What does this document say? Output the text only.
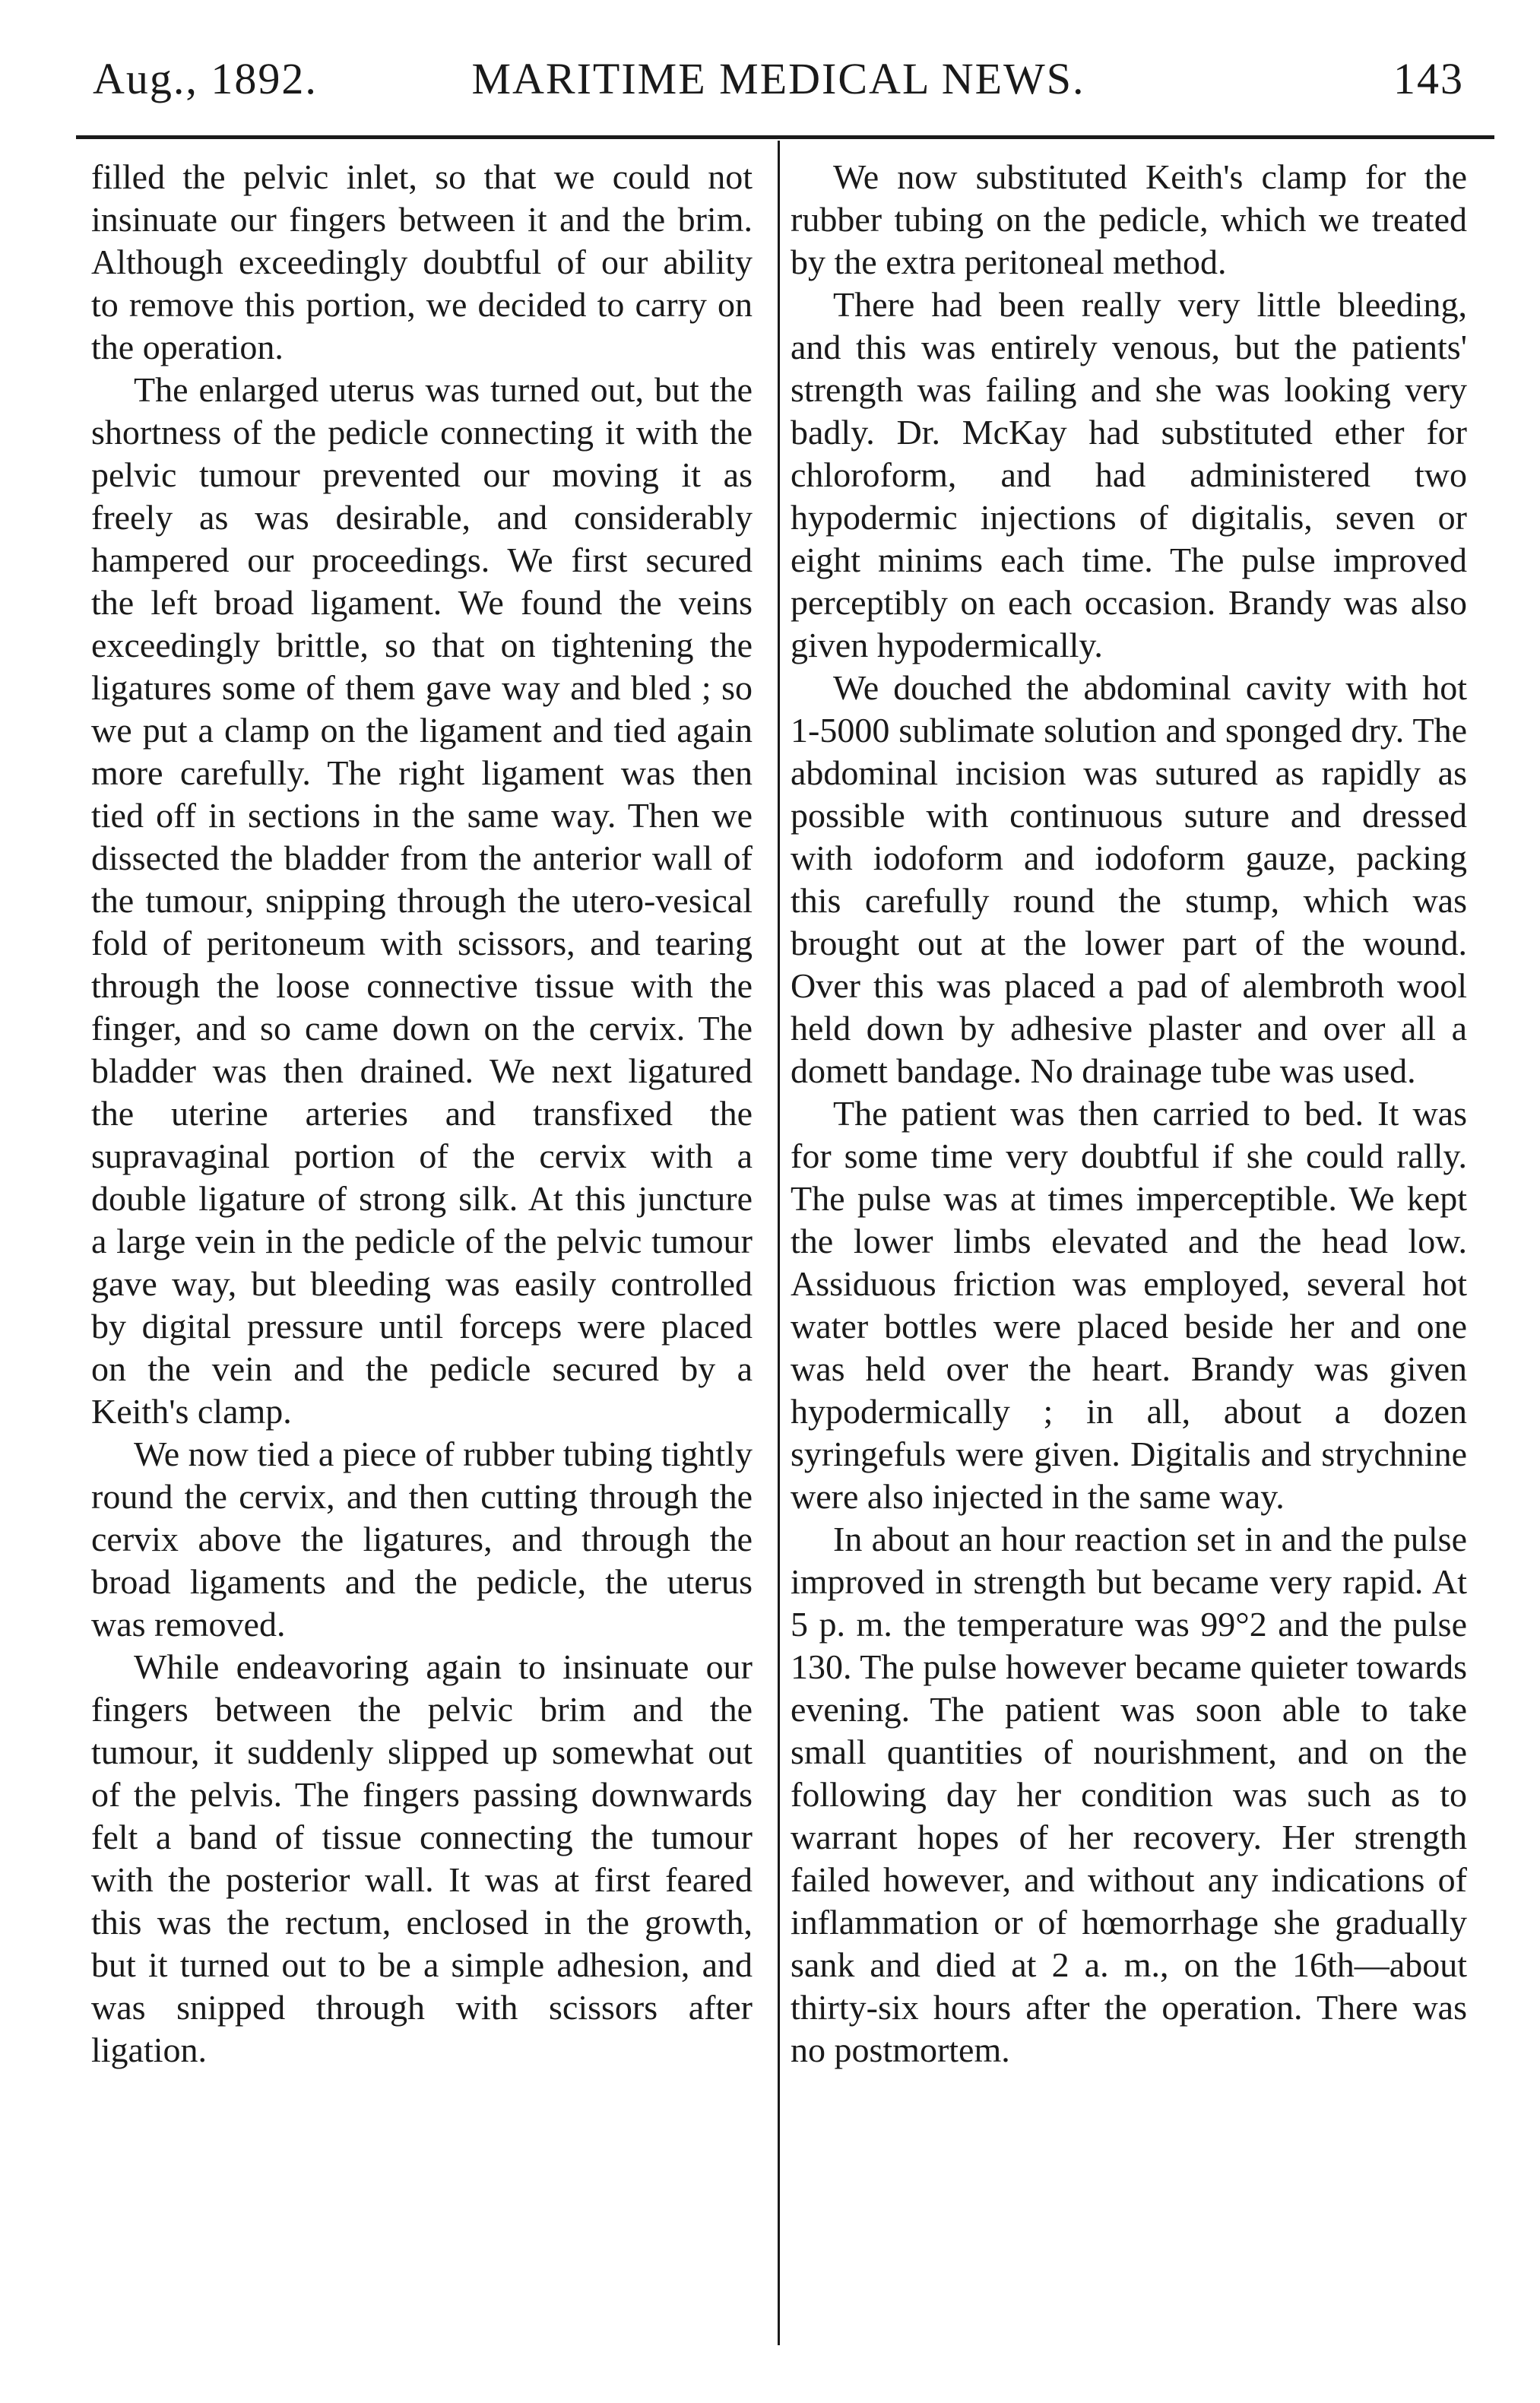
Aug., 1892.	MARITIME MEDICAL NEWS.	143

filled the pelvic inlet, so that we could not insinuate our fingers between it and the brim. Although exceedingly doubtful of our ability to remove this portion, we decided to carry on the operation.

The enlarged uterus was turned out, but the shortness of the pedicle connecting it with the pelvic tumour prevented our moving it as freely as was desirable, and considerably hampered our proceedings. We first secured the left broad ligament. We found the veins exceedingly brittle, so that on tightening the ligatures some of them gave way and bled ; so we put a clamp on the ligament and tied again more carefully. The right ligament was then tied off in sections in the same way. Then we dissected the bladder from the anterior wall of the tumour, snipping through the utero-vesical fold of peritoneum with scissors, and tearing through the loose connective tissue with the finger, and so came down on the cervix. The bladder was then drained. We next ligatured the uterine arteries and transfixed the supravaginal portion of the cervix with a double ligature of strong silk. At this juncture a large vein in the pedicle of the pelvic tumour gave way, but bleeding was easily controlled by digital pressure until forceps were placed on the vein and the pedicle secured by a Keith's clamp.

We now tied a piece of rubber tubing tightly round the cervix, and then cutting through the cervix above the ligatures, and through the broad ligaments and the pedicle, the uterus was removed.

While endeavoring again to insinuate our fingers between the pelvic brim and the tumour, it suddenly slipped up somewhat out of the pelvis. The fingers passing downwards felt a band of tissue connecting the tumour with the posterior wall. It was at first feared this was the rectum, enclosed in the growth, but it turned out to be a simple adhesion, and was snipped through with scissors after ligation.

We now substituted Keith's clamp for the rubber tubing on the pedicle, which we treated by the extra peritoneal method.

There had been really very little bleeding, and this was entirely venous, but the patients' strength was failing and she was looking very badly. Dr. McKay had substituted ether for chloroform, and had administered two hypodermic injections of digitalis, seven or eight minims each time. The pulse improved perceptibly on each occasion. Brandy was also given hypodermically.

We douched the abdominal cavity with hot 1-5000 sublimate solution and sponged dry. The abdominal incision was sutured as rapidly as possible with continuous suture and dressed with iodoform and iodoform gauze, packing this carefully round the stump, which was brought out at the lower part of the wound. Over this was placed a pad of alembroth wool held down by adhesive plaster and over all a domett bandage. No drainage tube was used.

The patient was then carried to bed. It was for some time very doubtful if she could rally. The pulse was at times imperceptible. We kept the lower limbs elevated and the head low. Assiduous friction was employed, several hot water bottles were placed beside her and one was held over the heart. Brandy was given hypodermically ; in all, about a dozen syringefuls were given. Digitalis and strychnine were also injected in the same way.

In about an hour reaction set in and the pulse improved in strength but became very rapid. At 5 p. m. the temperature was 99°2 and the pulse 130. The pulse however became quieter towards evening. The patient was soon able to take small quantities of nourishment, and on the following day her condition was such as to warrant hopes of her recovery. Her strength failed however, and without any indications of inflammation or of hœmorrhage she gradually sank and died at 2 a. m., on the 16th—about thirty-six hours after the operation. There was no postmortem.
